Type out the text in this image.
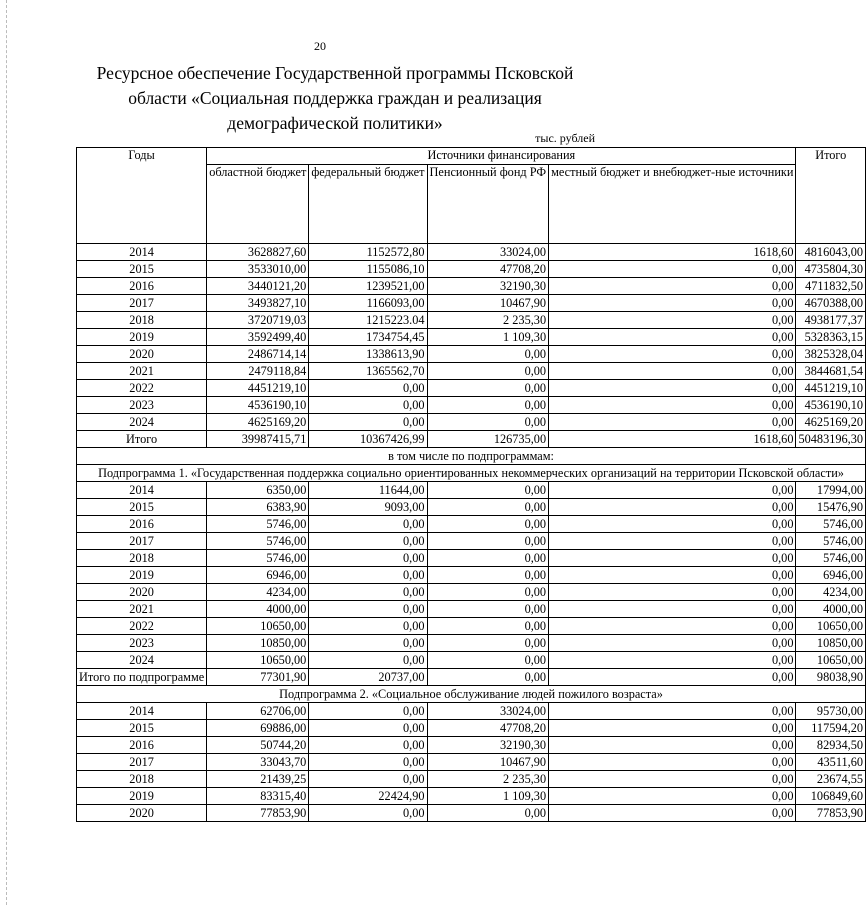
20
Ресурсное обеспечение Государственной программы Псковской области «Социальная поддержка граждан и реализация демографической политики»
тыс. рублей
Годы	Источники финансирования				Итого
	областной бюджет	федеральный бюджет	Пенсионный фонд РФ	местный бюджет и внебюджет-ные источники	
2014	3628827,60	1152572,80	33024,00	1618,60	4816043,00
2015	3533010,00	1155086,10	47708,20	0,00	4735804,30
2016	3440121,20	1239521,00	32190,30	0,00	4711832,50
2017	3493827,10	1166093,00	10467,90	0,00	4670388,00
2018	3720719,03	1215223.04	2 235,30	0,00	4938177,37
2019	3592499,40	1734754,45	1 109,30	0,00	5328363,15
2020	2486714,14	1338613,90	0,00	0,00	3825328,04
2021	2479118,84	1365562,70	0,00	0,00	3844681,54
2022	4451219,10	0,00	0,00	0,00	4451219,10
2023	4536190,10	0,00	0,00	0,00	4536190,10
2024	4625169,20	0,00	0,00	0,00	4625169,20
Итого	39987415,71	10367426,99	126735,00	1618,60	50483196,30
в том числе по подпрограммам:					
Подпрограмма 1. «Государственная поддержка социально ориентированных некоммерческих организаций на территории Псковской области»					
2014	6350,00	11644,00	0,00	0,00	17994,00
2015	6383,90	9093,00	0,00	0,00	15476,90
2016	5746,00	0,00	0,00	0,00	5746,00
2017	5746,00	0,00	0,00	0,00	5746,00
2018	5746,00	0,00	0,00	0,00	5746,00
2019	6946,00	0,00	0,00	0,00	6946,00
2020	4234,00	0,00	0,00	0,00	4234,00
2021	4000,00	0,00	0,00	0,00	4000,00
2022	10650,00	0,00	0,00	0,00	10650,00
2023	10850,00	0,00	0,00	0,00	10850,00
2024	10650,00	0,00	0,00	0,00	10650,00
Итого по подпрограмме	77301,90	20737,00	0,00	0,00	98038,90
Подпрограмма 2. «Социальное обслуживание людей пожилого возраста»					
2014	62706,00	0,00	33024,00	0,00	95730,00
2015	69886,00	0,00	47708,20	0,00	117594,20
2016	50744,20	0,00	32190,30	0,00	82934,50
2017	33043,70	0,00	10467,90	0,00	43511,60
2018	21439,25	0,00	2 235,30	0,00	23674,55
2019	83315,40	22424,90	1 109,30	0,00	106849,60
2020	77853,90	0,00	0,00	0,00	77853,90
